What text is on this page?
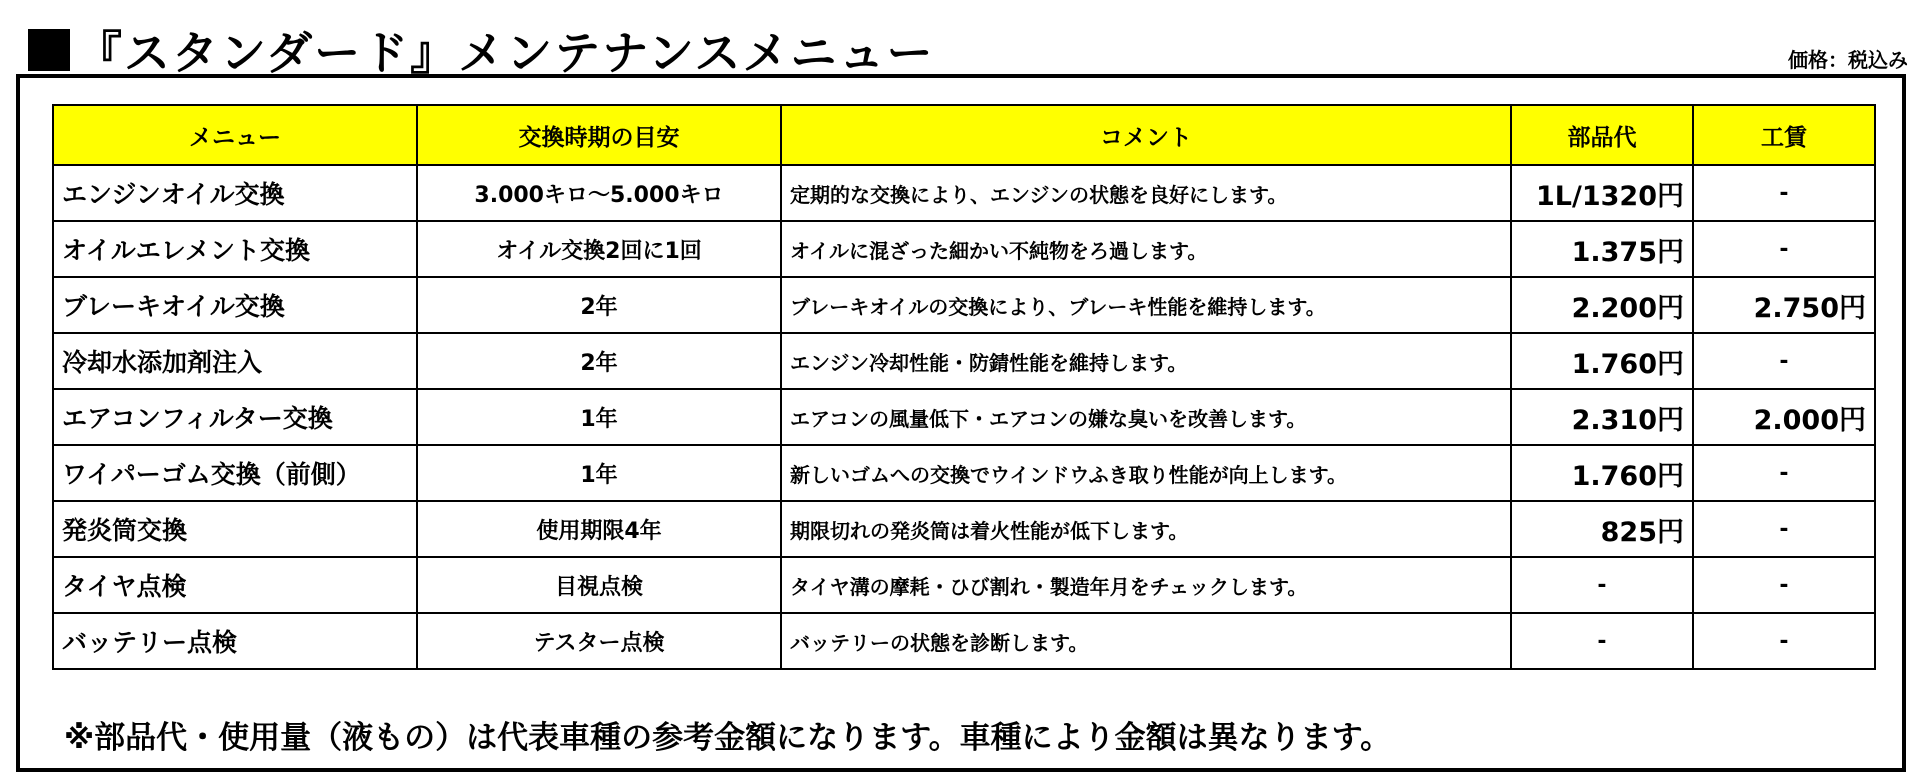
『スタンダード』メンテナンスメニュー	価格：税込み
メニュー	交換時期の目安	コメント	部品代	工賃
エンジンオイル交換	3.000キロ～5.000キロ	定期的な交換により、エンジンの状態を良好にします。	1L/1320円	-
オイルエレメント交換	オイル交換2回に1回	オイルに混ざった細かい不純物をろ過します。	1.375円	-
ブレーキオイル交換	2年	ブレーキオイルの交換により、ブレーキ性能を維持します。	2.200円	2.750円
冷却水添加剤注入	2年	エンジン冷却性能・防錆性能を維持します。	1.760円	-
エアコンフィルター交換	1年	エアコンの風量低下・エアコンの嫌な臭いを改善します。	2.310円	2.000円
ワイパーゴム交換（前側）	1年	新しいゴムへの交換でウインドウふき取り性能が向上します。	1.760円	-
発炎筒交換	使用期限4年	期限切れの発炎筒は着火性能が低下します。	825円	-
タイヤ点検	目視点検	タイヤ溝の摩耗・ひび割れ・製造年月をチェックします。	-	-
バッテリー点検	テスター点検	バッテリーの状態を診断します。	-	-
※部品代・使用量（液もの）は代表車種の参考金額になります。車種により金額は異なります。
